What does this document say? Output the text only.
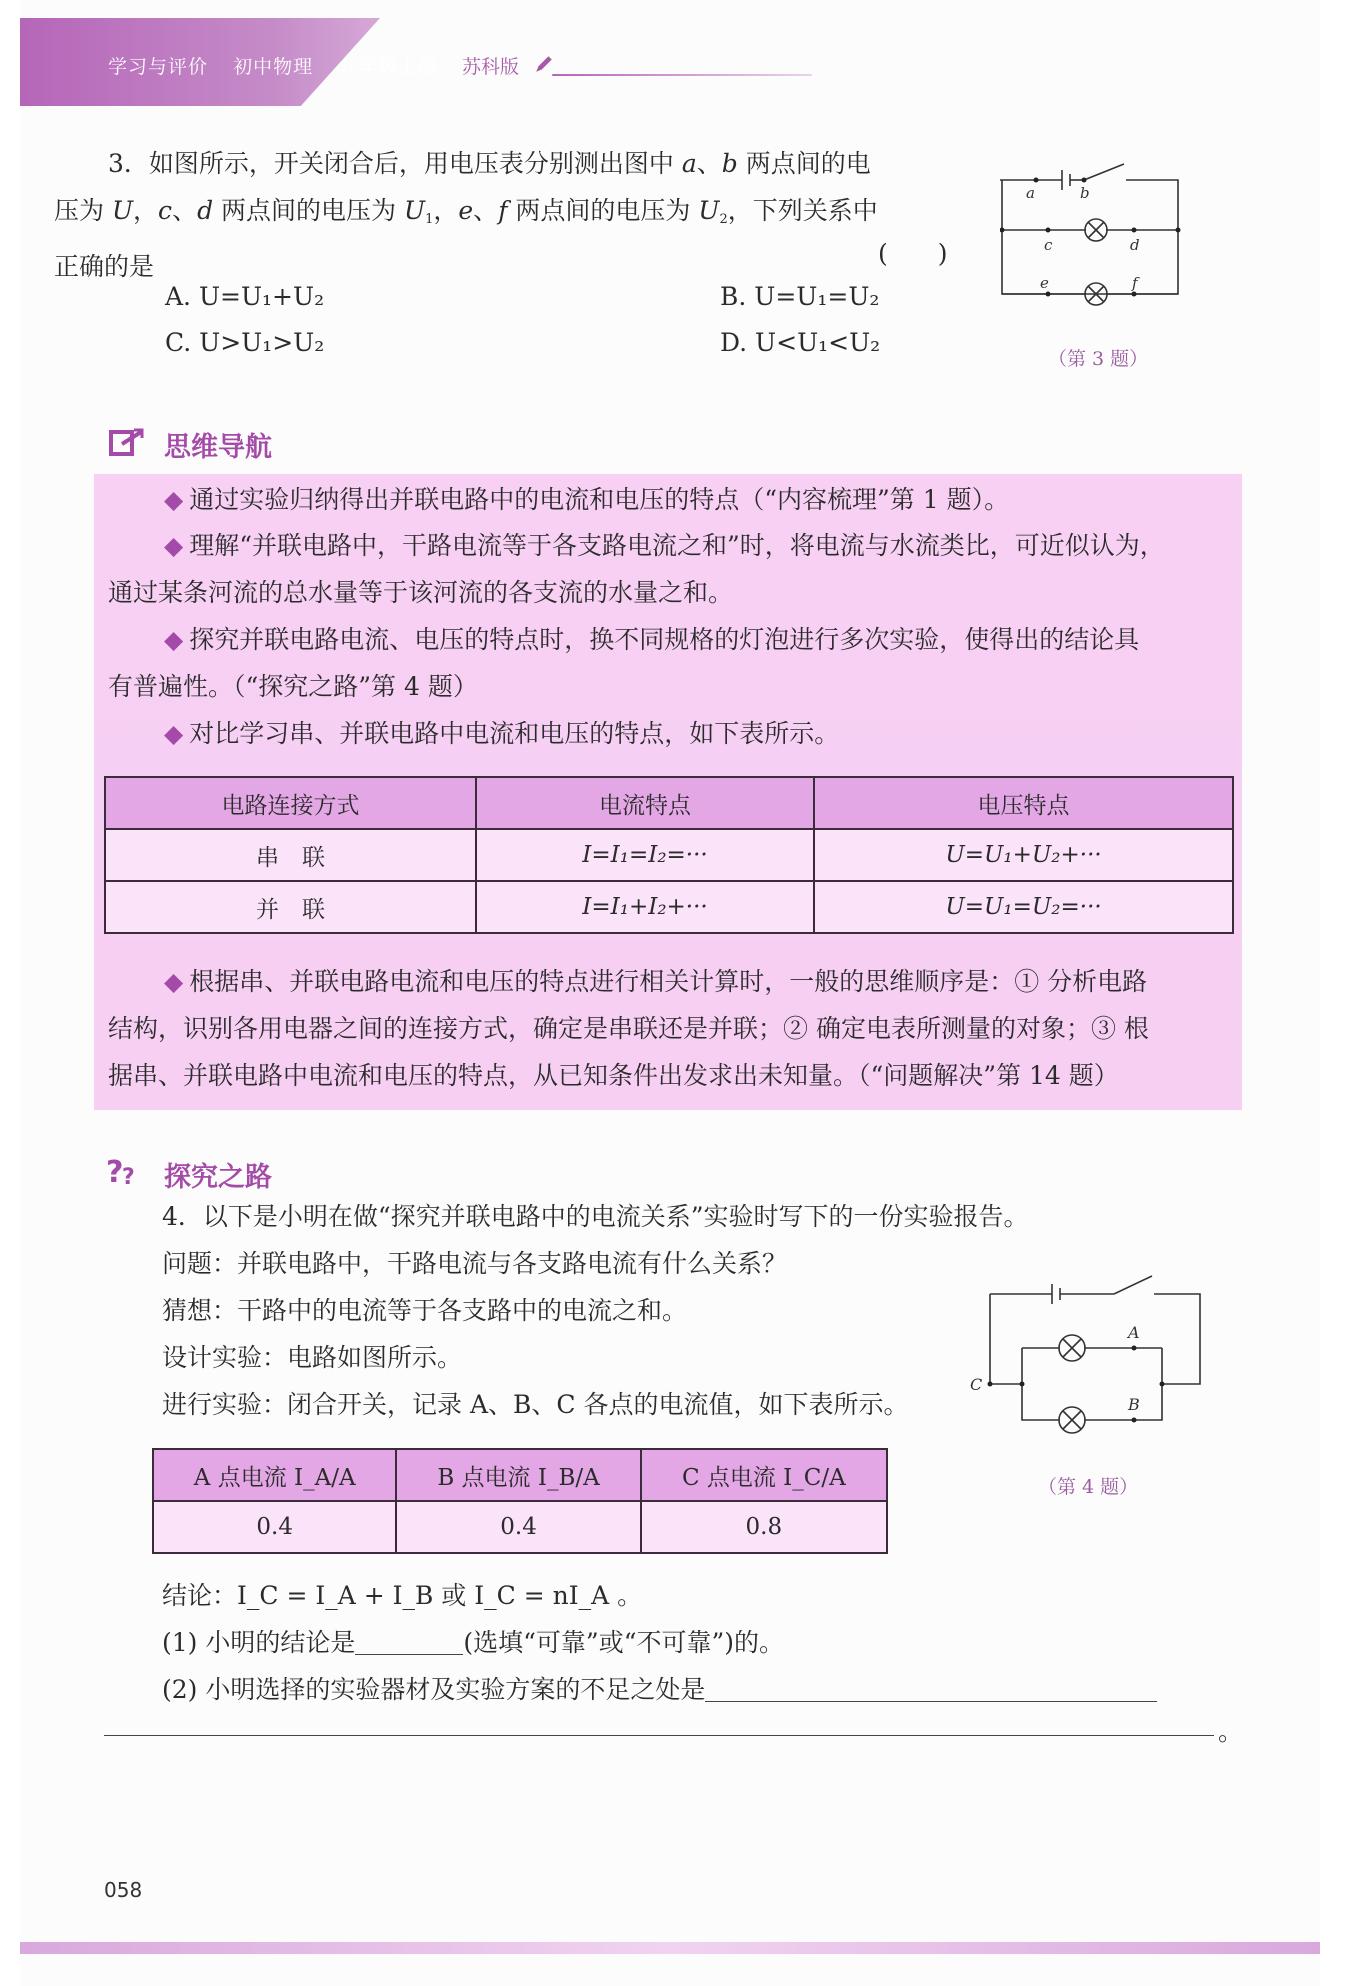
学习与评价 初中物理 九年级上册	苏科版
3．如图所示，开关闭合后，用电压表分别测出图中 a、b 两点间的电
压为 U，c、d 两点间的电压为 $U_1$，e、f 两点间的电压为 $U_2$，下列关系中
正确的是	(　　)
A. U=U₁+U₂	B. U=U₁=U₂
C. U>U₁>U₂	D. U<U₁<U₂
a	b
c	d
e	f
（第 3 题）
思维导航
◆ 通过实验归纳得出并联电路中的电流和电压的特点（“内容梳理”第 1 题）。
◆ 理解“并联电路中，干路电流等于各支路电流之和”时，将电流与水流类比，可近似认为，
通过某条河流的总水量等于该河流的各支流的水量之和。
◆ 探究并联电路电流、电压的特点时，换不同规格的灯泡进行多次实验，使得出的结论具
有普遍性。（“探究之路”第 4 题）
◆ 对比学习串、并联电路中电流和电压的特点，如下表所示。
电路连接方式	电流特点	电压特点
串　联	I=I₁=I₂=···	U=U₁+U₂+···
并　联	I=I₁+I₂+···	U=U₁=U₂=···
◆ 根据串、并联电路电流和电压的特点进行相关计算时，一般的思维顺序是：① 分析电路
结构，识别各用电器之间的连接方式，确定是串联还是并联；② 确定电表所测量的对象；③ 根
据串、并联电路中电流和电压的特点，从已知条件出发求出未知量。（“问题解决”第 14 题）
?
? 探究之路
4．以下是小明在做“探究并联电路中的电流关系”实验时写下的一份实验报告。
问题：并联电路中，干路电流与各支路电流有什么关系？
猜想：干路中的电流等于各支路中的电流之和。
设计实验：电路如图所示。
进行实验：闭合开关，记录 A、B、C 各点的电流值，如下表所示。
A 点电流 I_A/A	B 点电流 I_B/A	C 点电流 I_C/A
0.4	0.4	0.8
A
B
C
（第 4 题）
结论：I_C = I_A + I_B 或 I_C = nI_A 。
(1) 小明的结论是	(选填“可靠”或“不可靠”)的。
(2) 小明选择的实验器材及实验方案的不足之处是
。
058
